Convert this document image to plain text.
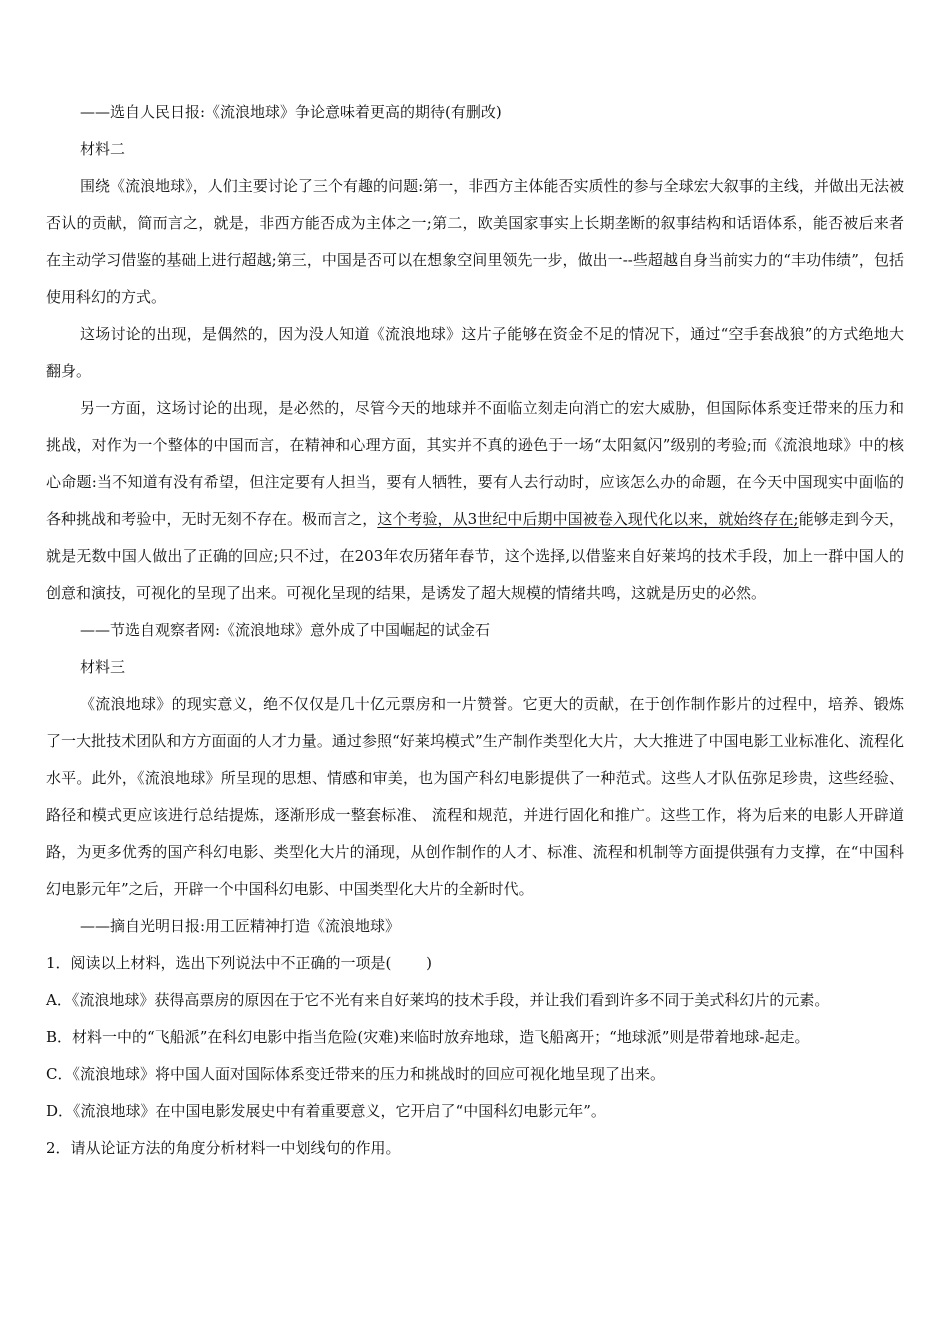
——选自人民日报:《流浪地球》争论意味着更高的期待(有删改)

材料二

围绕《流浪地球》，人们主要讨论了三个有趣的问题:第一，非西方主体能否实质性的参与全球宏大叙事的主线，并做出无法被否认的贡献，简而言之，就是，非西方能否成为主体之一;第二，欧美国家事实上长期垄断的叙事结构和话语体系，能否被后来者在主动学习借鉴的基础上进行超越;第三，中国是否可以在想象空间里领先一步，做出一--些超越自身当前实力的“丰功伟绩”，包括使用科幻的方式。

这场讨论的出现，是偶然的，因为没人知道《流浪地球》这片子能够在资金不足的情况下，通过“空手套战狼”的方式绝地大翻身。

另一方面，这场讨论的出现，是必然的，尽管今天的地球并不面临立刻走向消亡的宏大威胁，但国际体系变迁带来的压力和挑战，对作为一个整体的中国而言，在精神和心理方面，其实并不真的逊色于一场“太阳氦闪”级别的考验;而《流浪地球》中的核心命题:当不知道有没有希望，但注定要有人担当，要有人牺牲，要有人去行动时，应该怎么办的命题，在今天中国现实中面临的各种挑战和考验中，无时无刻不存在。极而言之，这个考验，从3世纪中后期中国被卷入现代化以来，就始终存在;能够走到今天，就是无数中国人做出了正确的回应;只不过，在203年农历猪年春节，这个选择,以借鉴来自好莱坞的技术手段，加上一群中国人的创意和演技，可视化的呈现了出来。可视化呈现的结果，是诱发了超大规模的情绪共鸣，这就是历史的必然。

——节选自观察者网:《流浪地球》意外成了中国崛起的试金石

材料三

《流浪地球》的现实意义，绝不仅仅是几十亿元票房和一片赞誉。它更大的贡献，在于创作制作影片的过程中，培养、锻炼了一大批技术团队和方方面面的人才力量。通过参照“好莱坞模式”生产制作类型化大片，大大推进了中国电影工业标准化、流程化水平。此外，《流浪地球》所呈现的思想、情感和审美，也为国产科幻电影提供了一种范式。这些人才队伍弥足珍贵，这些经验、路径和模式更应该进行总结提炼，逐渐形成一整套标准、 流程和规范，并进行固化和推广。这些工作，将为后来的电影人开辟道路，为更多优秀的国产科幻电影、类型化大片的涌现，从创作制作的人才、标准、流程和机制等方面提供强有力支撑，在“中国科幻电影元年”之后，开辟一个中国科幻电影、中国类型化大片的全新时代。

——摘自光明日报:用工匠精神打造《流浪地球》

1．阅读以上材料，选出下列说法中不正确的一项是(　　 )

A．《流浪地球》获得高票房的原因在于它不光有来自好莱坞的技术手段，并让我们看到许多不同于美式科幻片的元素。

B．材料一中的“飞船派”在科幻电影中指当危险(灾难)来临时放弃地球，造飞船离开；“地球派”则是带着地球-起走。

C．《流浪地球》将中国人面对国际体系变迁带来的压力和挑战时的回应可视化地呈现了出来。

D．《流浪地球》在中国电影发展史中有着重要意义，它开启了“中国科幻电影元年”。

2．请从论证方法的角度分析材料一中划线句的作用。
